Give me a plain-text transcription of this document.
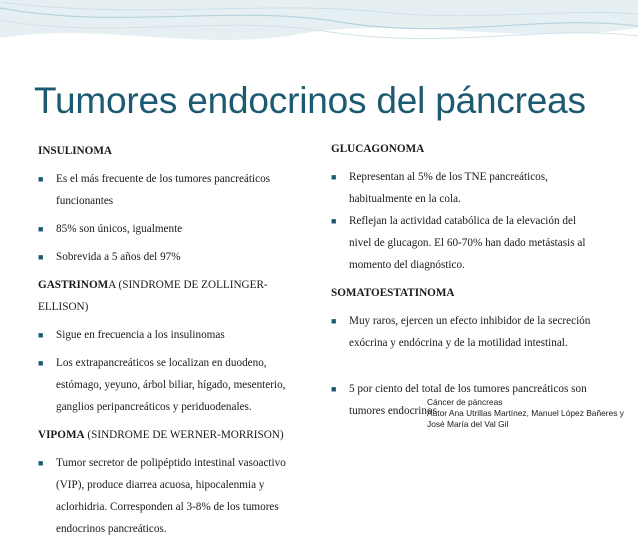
Tumores endocrinos del páncreas

INSULINOMA

■ Es el más frecuente de los tumores pancreáticos funcionantes
■ 85% son únicos, igualmente
■ Sobrevida a 5 años del 97%

GASTRINOMA (SINDROME DE ZOLLINGER-ELLISON)

■ Sigue en frecuencia a los insulinomas
■ Los extrapancreáticos se localizan en duodeno, estómago, yeyuno, árbol biliar, hígado, mesenterio, ganglios peripancreáticos y periduodenales.

VIPOMA (SINDROME DE WERNER-MORRISON)

■ Tumor secretor de polipéptido intestinal vasoactivo (VIP), produce diarrea acuosa, hipocalenmia y aclorhidria. Corresponden al 3-8% de los tumores endocrinos pancreáticos.

GLUCAGONOMA

■ Representan al 5% de los TNE pancreáticos, habitualmente en la cola.
■ Reflejan la actividad catabólica de la elevación del nivel de glucagon. El 60-70% han dado metástasis al momento del diagnóstico.

SOMATOESTATINOMA

■ Muy raros, ejercen un efecto inhibidor de la secreción exócrina y endócrina y de la motilidad intestinal.
■ 5 por ciento del total de los tumores pancreáticos son tumores endocrinos
Cáncer de páncreas
Autor Ana Utrillas Martínez, Manuel López Bañeres y José María del Val Gil
